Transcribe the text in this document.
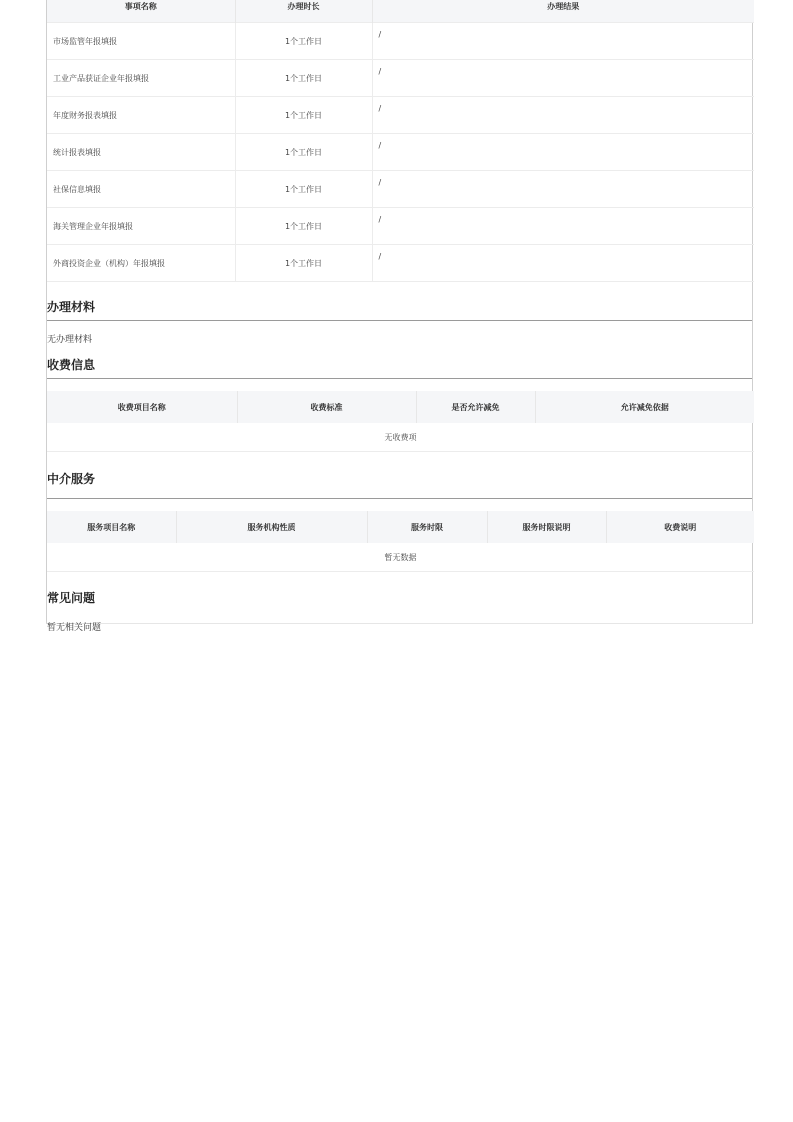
事项名称	办理时长	办理结果
市场监管年报填报	1个工作日	/
工业产品获证企业年报填报	1个工作日	/
年度财务报表填报	1个工作日	/
统计报表填报	1个工作日	/
社保信息填报	1个工作日	/
海关管理企业年报填报	1个工作日	/
外商投资企业（机构）年报填报	1个工作日	/
办理材料
无办理材料
收费信息
收费项目名称	收费标准	是否允许减免	允许减免依据
无收费项
中介服务
服务项目名称	服务机构性质	服务时限	服务时限说明	收费说明
暂无数据
常见问题
暂无相关问题
